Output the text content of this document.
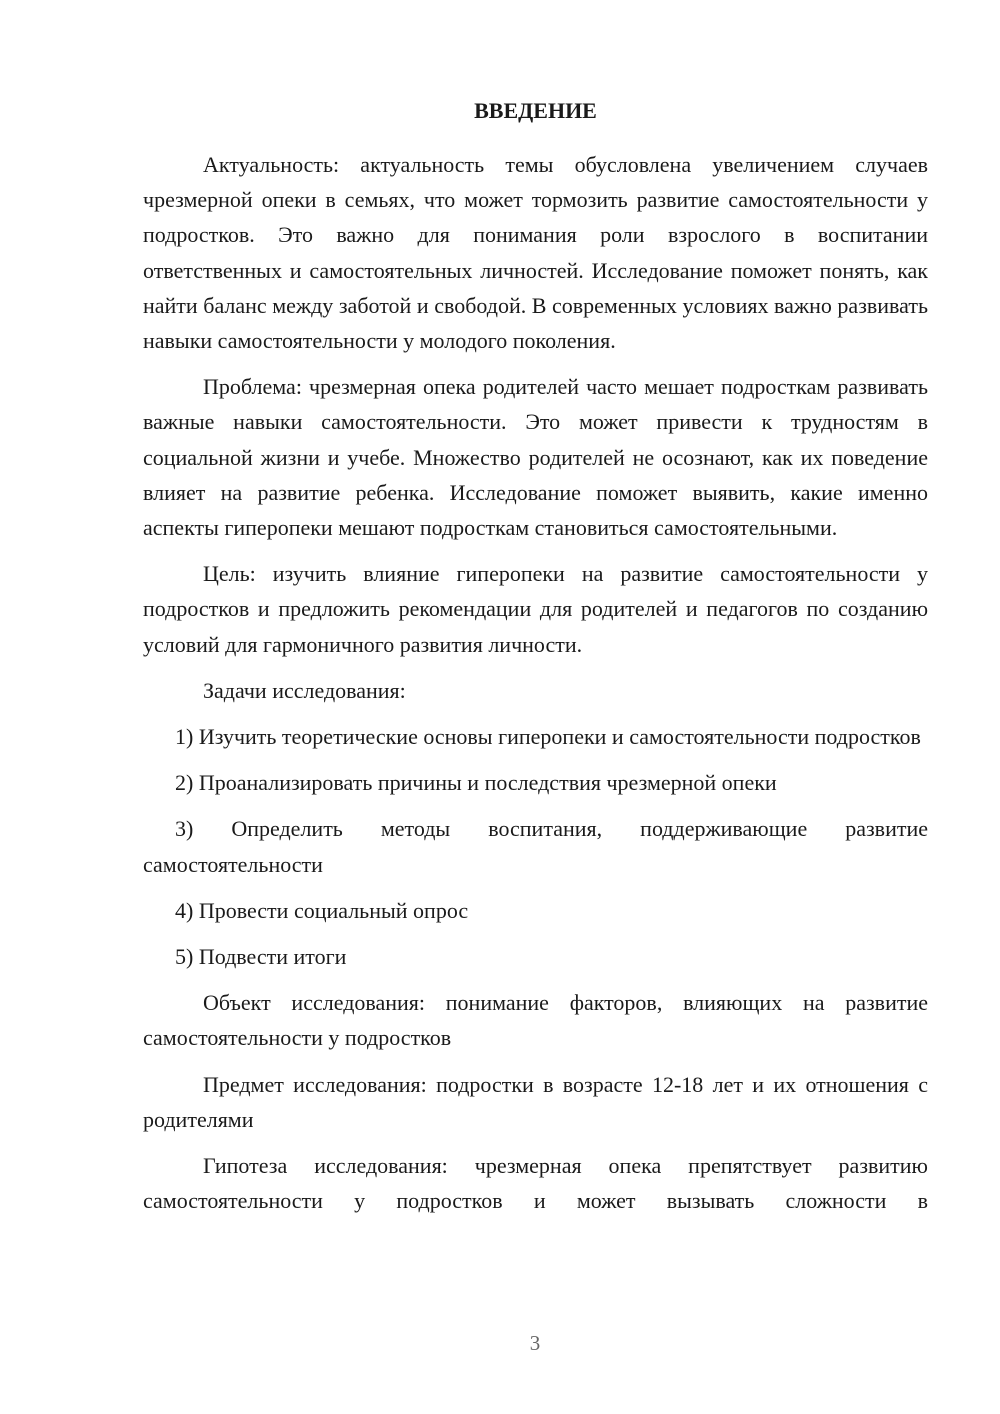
ВВЕДЕНИЕ

Актуальность: актуальность темы обусловлена увеличением случаев чрезмерной опеки в семьях, что может тормозить развитие самостоятельности у подростков. Это важно для понимания роли взрослого в воспитании ответственных и самостоятельных личностей. Исследование поможет понять, как найти баланс между заботой и свободой. В современных условиях важно развивать навыки самостоятельности у молодого поколения.

Проблема: чрезмерная опека родителей часто мешает подросткам развивать важные навыки самостоятельности. Это может привести к трудностям в социальной жизни и учебе. Множество родителей не осознают, как их поведение влияет на развитие ребенка. Исследование поможет выявить, какие именно аспекты гиперопеки мешают подросткам становиться самостоятельными.

Цель: изучить влияние гиперопеки на развитие самостоятельности у подростков и предложить рекомендации для родителей и педагогов по созданию условий для гармоничного развития личности.

Задачи исследования:

1) Изучить теоретические основы гиперопеки и самостоятельности подростков

2) Проанализировать причины и последствия чрезмерной опеки

3) Определить методы воспитания, поддерживающие развитие самостоятельности

4) Провести социальный опрос

5) Подвести итоги

Объект исследования: понимание факторов, влияющих на развитие самостоятельности у подростков

Предмет исследования: подростки в возрасте 12-18 лет и их отношения с родителями

Гипотеза исследования: чрезмерная опека препятствует развитию самостоятельности у подростков и может вызывать сложности в

3
